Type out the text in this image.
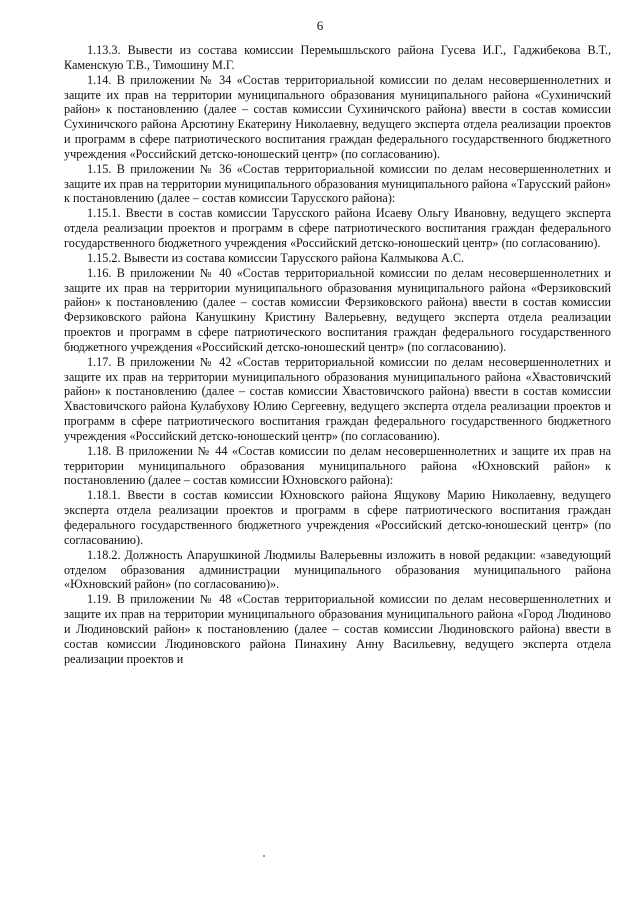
6

1.13.3. Вывести из состава комиссии Перемышльского района Гусева И.Г., Гаджибекова В.Т., Каменскую Т.В., Тимошину М.Г.

1.14. В приложении № 34 «Состав территориальной комиссии по делам несовершеннолетних и защите их прав на территории муниципального образования муниципального района «Сухиничский район» к постановлению (далее – состав комиссии Сухиничского района) ввести в состав комиссии Сухиничского района Арсютину Екатерину Николаевну, ведущего эксперта отдела реализации проектов и программ в сфере патриотического воспитания граждан федерального государственного бюджетного учреждения «Российский детско-юношеский центр» (по согласованию).

1.15. В приложении № 36 «Состав территориальной комиссии по делам несовершеннолетних и защите их прав на территории муниципального образования муниципального района «Тарусский район» к постановлению (далее – состав комиссии Тарусского района):

1.15.1. Ввести в состав комиссии Тарусского района Исаеву Ольгу Ивановну, ведущего эксперта отдела реализации проектов и программ в сфере патриотического воспитания граждан федерального государственного бюджетного учреждения «Российский детско-юношеский центр» (по согласованию).

1.15.2. Вывести из состава комиссии Тарусского района Калмыкова А.С.

1.16. В приложении № 40 «Состав территориальной комиссии по делам несовершеннолетних и защите их прав на территории муниципального образования муниципального района «Ферзиковский район» к постановлению (далее – состав комиссии Ферзиковского района) ввести в состав комиссии Ферзиковского района Канушкину Кристину Валерьевну, ведущего эксперта отдела реализации проектов и программ в сфере патриотического воспитания граждан федерального государственного бюджетного учреждения «Российский детско-юношеский центр» (по согласованию).

1.17. В приложении № 42 «Состав территориальной комиссии по делам несовершеннолетних и защите их прав на территории муниципального образования муниципального района «Хвастовичский район» к постановлению (далее – состав комиссии Хвастовичского района) ввести в состав комиссии Хвастовичского района Кулабухову Юлию Сергеевну, ведущего эксперта отдела реализации проектов и программ в сфере патриотического воспитания граждан федерального государственного бюджетного учреждения «Российский детско-юношеский центр» (по согласованию).

1.18. В приложении № 44 «Состав комиссии по делам несовершеннолетних и защите их прав на территории муниципального образования муниципального района «Юхновский район» к постановлению (далее – состав комиссии Юхновского района):

1.18.1. Ввести в состав комиссии Юхновского района Ящукову Марию Николаевну, ведущего эксперта отдела реализации проектов и программ в сфере патриотического воспитания граждан федерального государственного бюджетного учреждения «Российский детско-юношеский центр» (по согласованию).

1.18.2. Должность Апарушкиной Людмилы Валерьевны изложить в новой редакции: «заведующий отделом образования администрации муниципального образования муниципального района «Юхновский район» (по согласованию)».

1.19. В приложении № 48 «Состав территориальной комиссии по делам несовершеннолетних и защите их прав на территории муниципального образования муниципального района «Город Людиново и Людиновский район» к постановлению (далее – состав комиссии Людиновского района) ввести в состав комиссии Людиновского района Пинахину Анну Васильевну, ведущего эксперта отдела реализации проектов и
